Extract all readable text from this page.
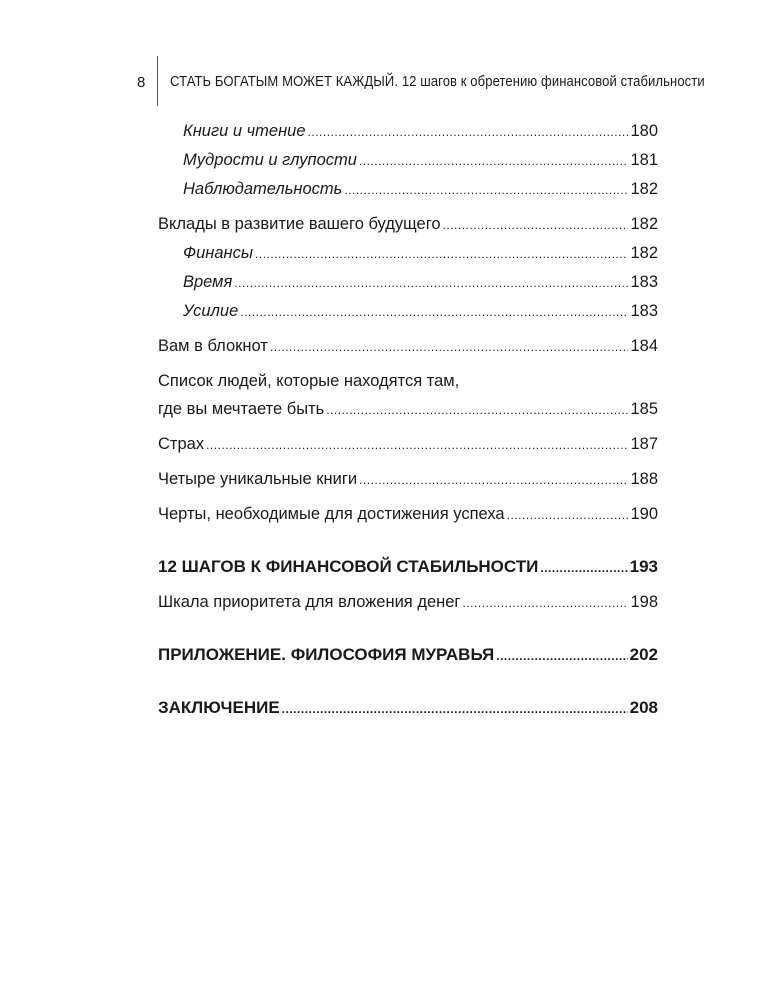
8 СТАТЬ БОГАТЫМ МОЖЕТ КАЖДЫЙ. 12 шагов к обретению финансовой стабильности
Книги и чтение .....	180
Мудрости и глупости .....	181
Наблюдательность .....	182
Вклады в развитие вашего будущего .....	182
Финансы .....	182
Время .....	183
Усилие .....	183
Вам в блокнот .....	184
Список людей, которые находятся там,
где вы мечтаете быть .....	185
Страх .....	187
Четыре уникальные книги .....	188
Черты, необходимые для достижения успеха .....	190
12 ШАГОВ К ФИНАНСОВОЙ СТАБИЛЬНОСТИ .....	193
Шкала приоритета для вложения денег .....	198
ПРИЛОЖЕНИЕ. ФИЛОСОФИЯ МУРАВЬЯ .....	202
ЗАКЛЮЧЕНИЕ .....	208
